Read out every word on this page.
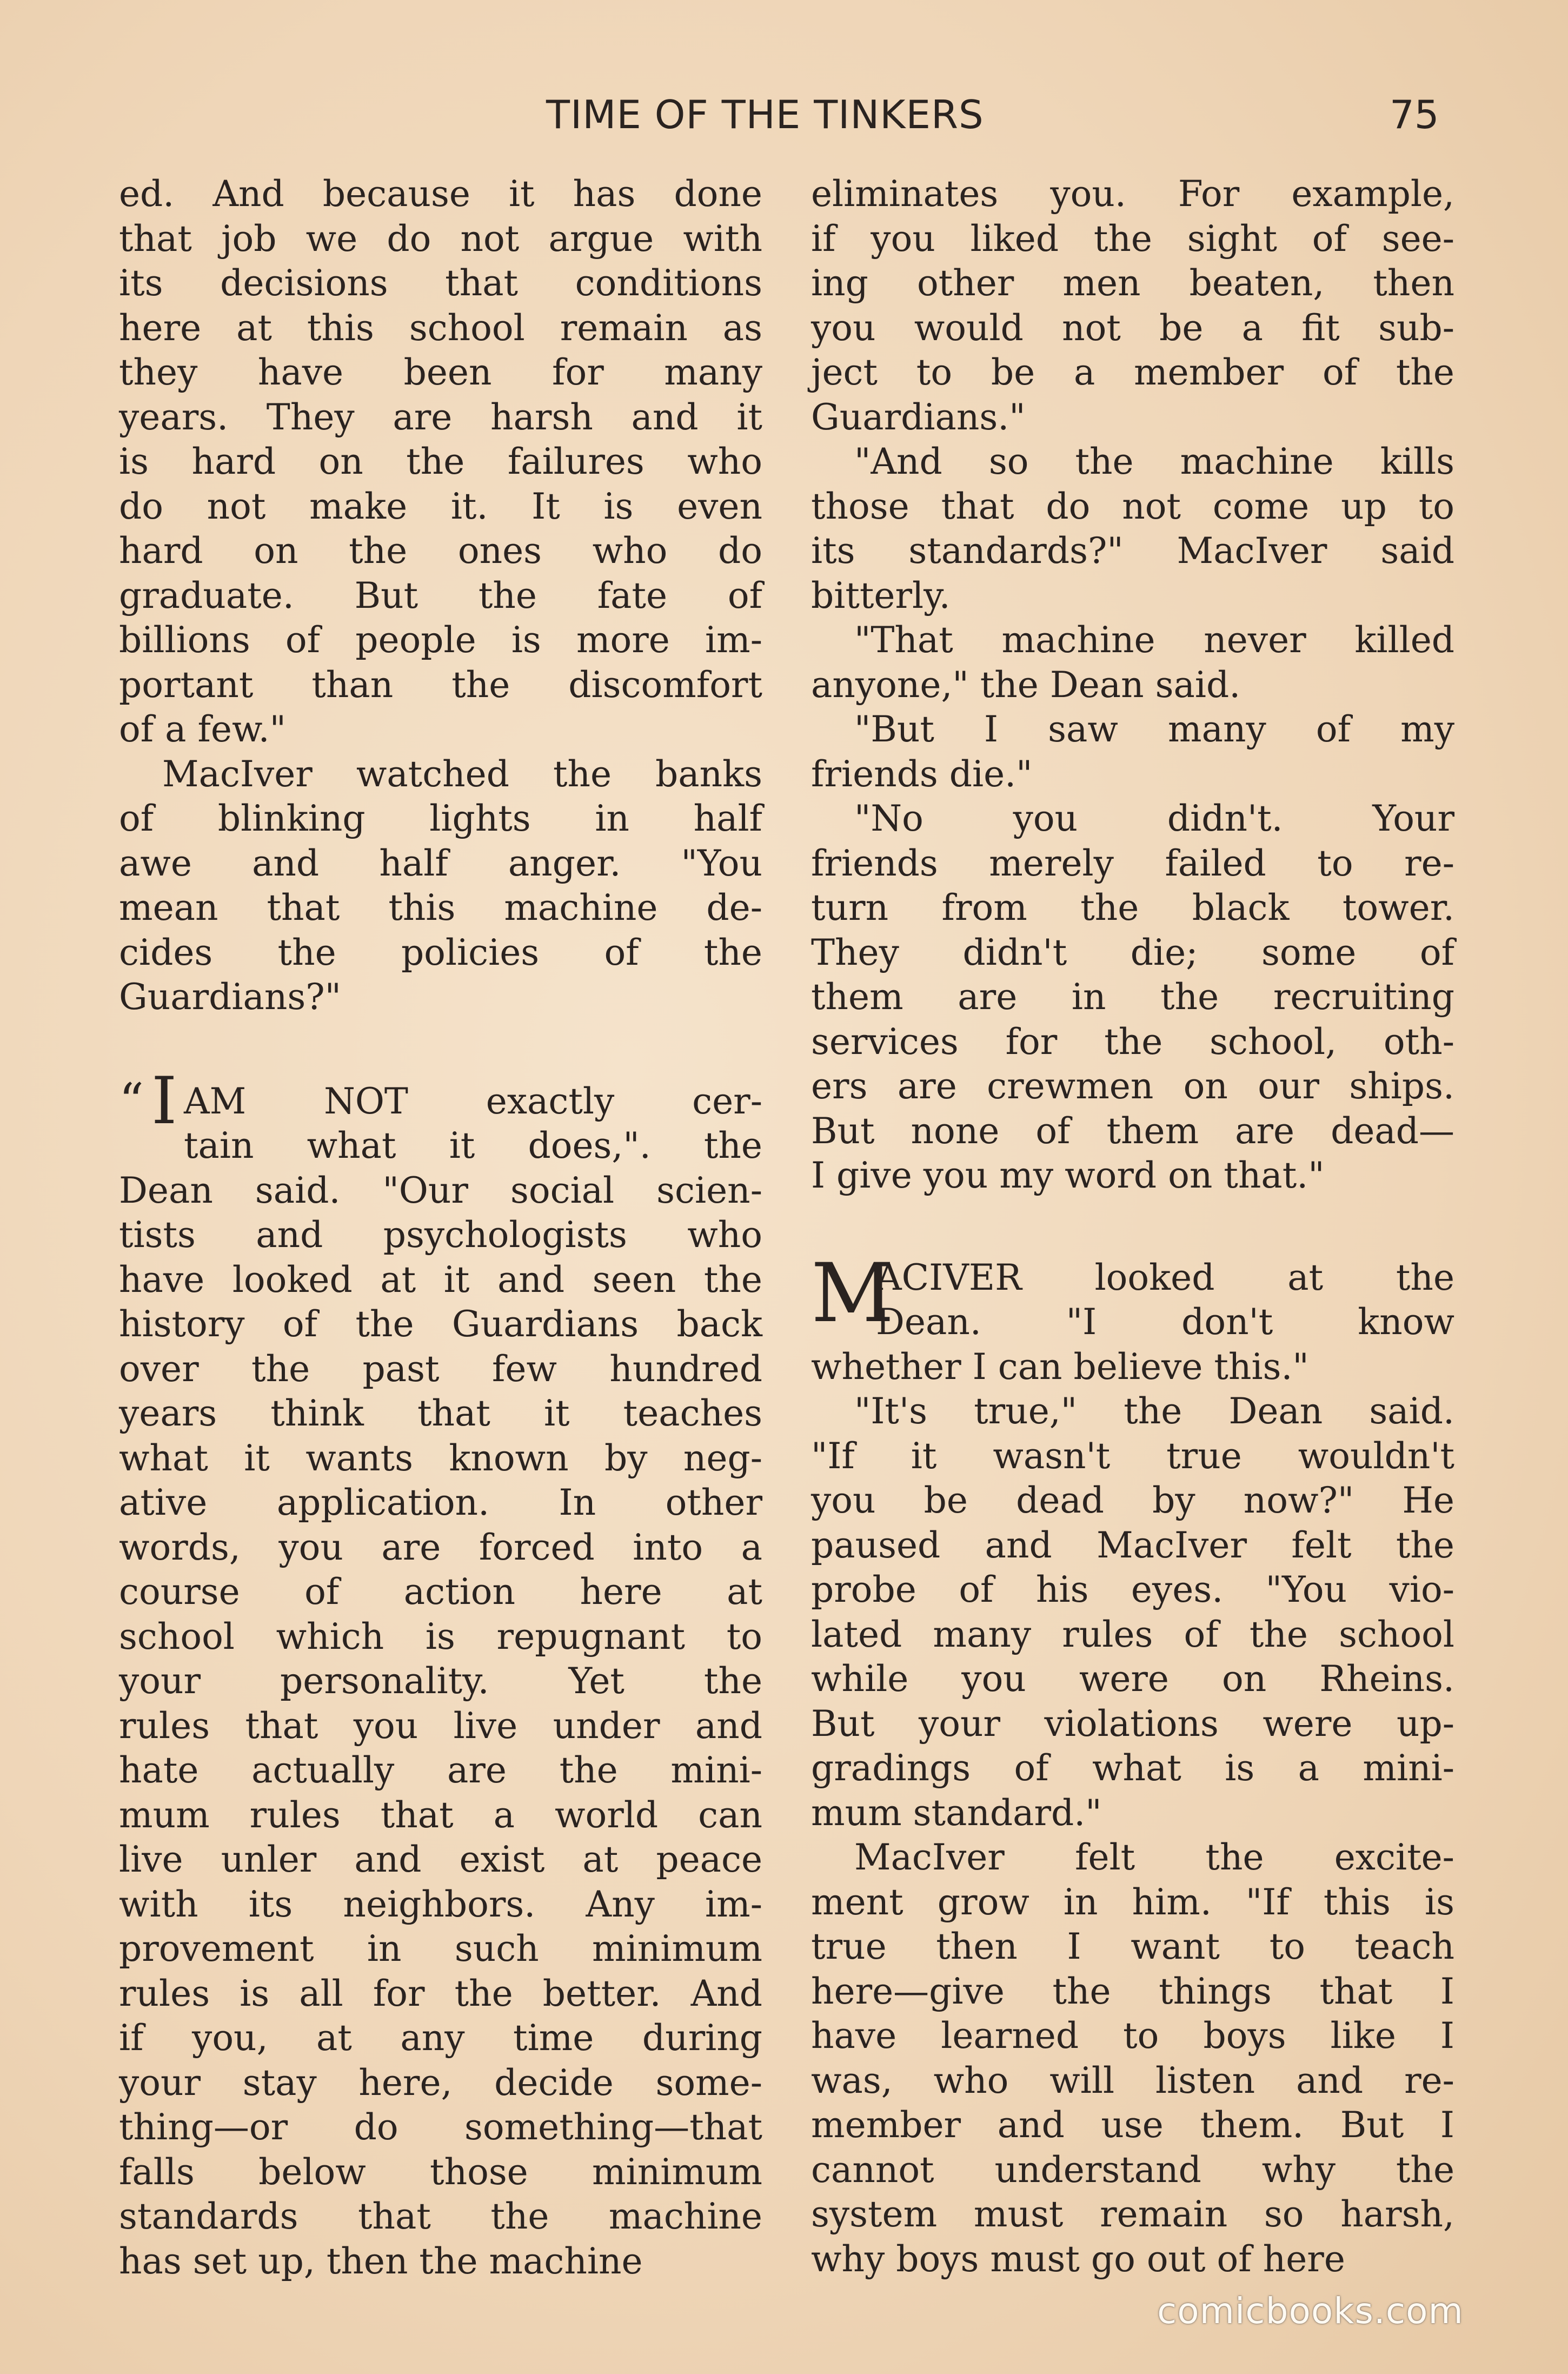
TIME OF THE TINKERS	75
ed. And because it has done
that job we do not argue with
its decisions that conditions
here at this school remain as
they have been for many
years. They are harsh and it
is hard on the failures who
do not make it. It is even
hard on the ones who do
graduate. But the fate of
billions of people is more im-
portant than the discomfort
of a few."
MacIver watched the banks
of blinking lights in half
awe and half anger. "You
mean that this machine de-
cides the policies of the
Guardians?"
“ I AM NOT exactly cer-
tain what it does,". the
Dean said. "Our social scien-
tists and psychologists who
have looked at it and seen the
history of the Guardians back
over the past few hundred
years think that it teaches
what it wants known by neg-
ative application. In other
words, you are forced into a
course of action here at
school which is repugnant to
your personality. Yet the
rules that you live under and
hate actually are the mini-
mum rules that a world can
live unler and exist at peace
with its neighbors. Any im-
provement in such minimum
rules is all for the better. And
if you, at any time during
your stay here, decide some-
thing—or do something—that
falls below those minimum
standards that the machine
has set up, then the machine
eliminates you. For example,
if you liked the sight of see-
ing other men beaten, then
you would not be a fit sub-
ject to be a member of the
Guardians."
"And so the machine kills
those that do not come up to
its standards?" MacIver said
bitterly.
"That machine never killed
anyone," the Dean said.
"But I saw many of my
friends die."
"No you didn't. Your
friends merely failed to re-
turn from the black tower.
They didn't die; some of
them are in the recruiting
services for the school, oth-
ers are crewmen on our ships.
But none of them are dead—
I give you my word on that."
M
ACIVER looked at the
Dean. "I don't know
whether I can believe this."
"It's true," the Dean said.
"If it wasn't true wouldn't
you be dead by now?" He
paused and MacIver felt the
probe of his eyes. "You vio-
lated many rules of the school
while you were on Rheins.
But your violations were up-
gradings of what is a mini-
mum standard."
MacIver felt the excite-
ment grow in him. "If this is
true then I want to teach
here—give the things that I
have learned to boys like I
was, who will listen and re-
member and use them. But I
cannot understand why the
system must remain so harsh,
why boys must go out of here
comicbooks.com
